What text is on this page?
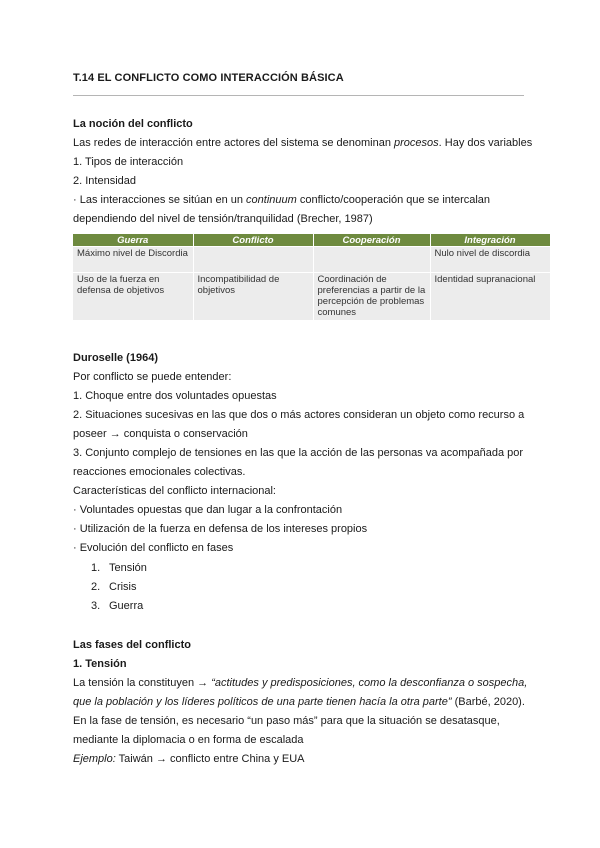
T.14 EL CONFLICTO COMO INTERACCIÓN BÁSICA
La noción del conflicto
Las redes de interacción entre actores del sistema se denominan procesos. Hay dos variables
1. Tipos de interacción
2. Intensidad
· Las interacciones se sitúan en un continuum conflicto/cooperación que se intercalan
dependiendo del nivel de tensión/tranquilidad (Brecher, 1987)
Guerra	Conflicto	Cooperación	Integración
Máximo nivel de Discordia			Nulo nivel de discordia
Uso de la fuerza en defensa de objetivos	Incompatibilidad de objetivos	Coordinación de preferencias a partir de la percepción de problemas comunes	Identidad supranacional
Duroselle (1964)
Por conflicto se puede entender:
1. Choque entre dos voluntades opuestas
2. Situaciones sucesivas en las que dos o más actores consideran un objeto como recurso a
poseer → conquista o conservación
3. Conjunto complejo de tensiones en las que la acción de las personas va acompañada por
reacciones emocionales colectivas.
Características del conflicto internacional:
· Voluntades opuestas que dan lugar a la confrontación
· Utilización de la fuerza en defensa de los intereses propios
· Evolución del conflicto en fases
1. Tensión
2. Crisis
3. Guerra
Las fases del conflicto
1. Tensión
La tensión la constituyen → “actitudes y predisposiciones, como la desconfianza o sospecha,
que la población y los líderes políticos de una parte tienen hacía la otra parte” (Barbé, 2020).
En la fase de tensión, es necesario “un paso más” para que la situación se desatasque,
mediante la diplomacia o en forma de escalada
Ejemplo: Taiwán → conflicto entre China y EUA
